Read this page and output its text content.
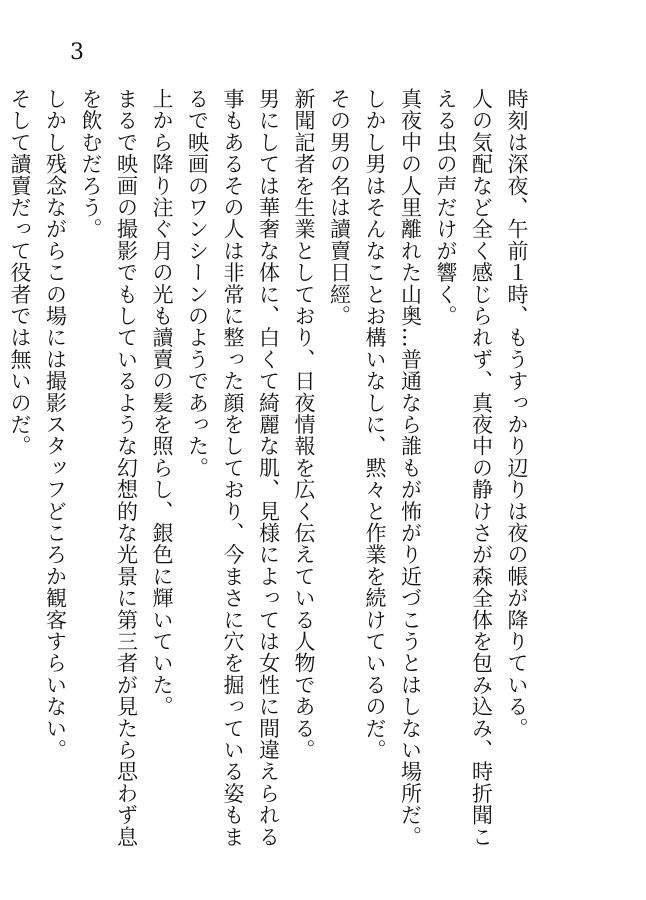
3
時刻は深夜、午前１時、もうすっかり辺りは夜の帳が降りている。
人の気配など全く感じられず、真夜中の静けさが森全体を包み込み、時折聞こ
える虫の声だけが響く。
真夜中の人里離れた山奥…普通なら誰もが怖がり近づこうとはしない場所だ。
しかし男はそんなことお構いなしに、黙々と作業を続けているのだ。
その男の名は讀賣日經。
新聞記者を生業としており、日夜情報を広く伝えている人物である。
男にしては華奢な体に、白くて綺麗な肌、見様によっては女性に間違えられる
事もあるその人は非常に整った顔をしており、今まさに穴を掘っている姿もま
るで映画のワンシーンのようであった。
上から降り注ぐ月の光も讀賣の髪を照らし、銀色に輝いていた。
まるで映画の撮影でもしているような幻想的な光景に第三者が見たら思わず息
を飲むだろう。
しかし残念ながらこの場には撮影スタッフどころか観客すらいない。
そして讀賣だって役者では無いのだ。
